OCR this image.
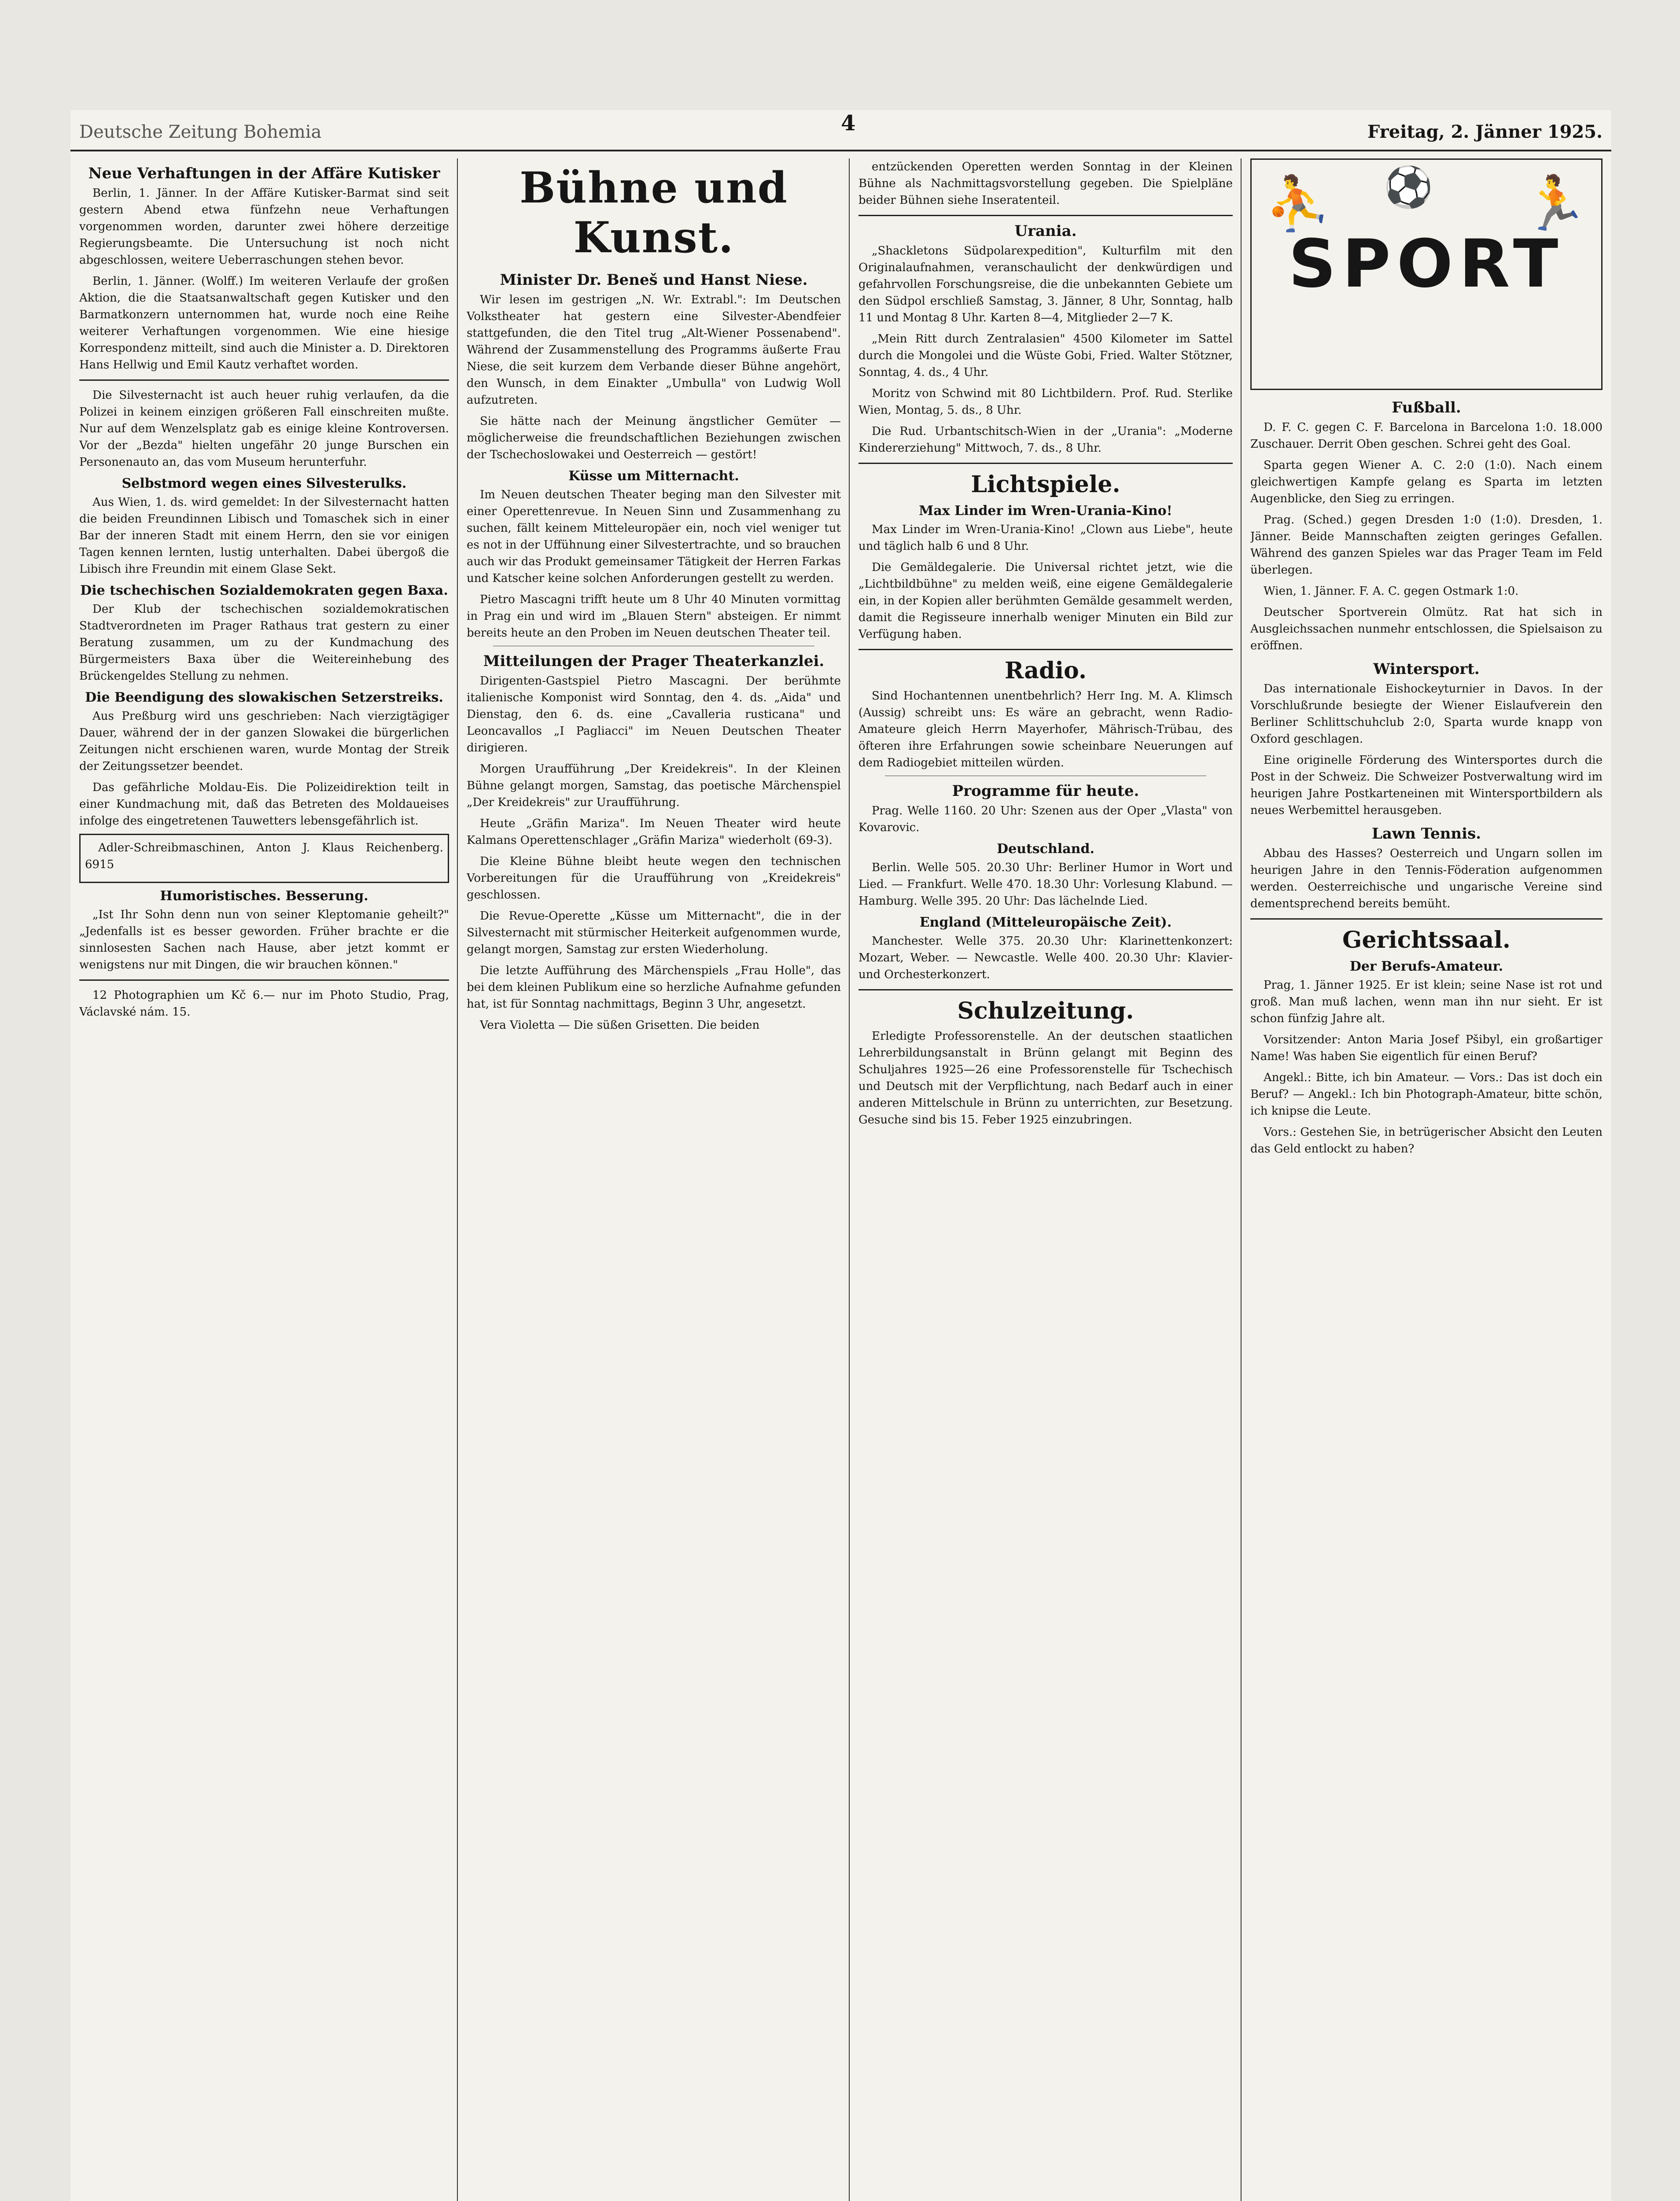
Deutsche Zeitung Bohemia	4	Freitag, 2. Jänner 1925.
Neue Verhaftungen in der Affäre Kutisker

Berlin, 1. Jänner. In der Affäre Kutisker-Barmat sind seit gestern Abend etwa fünfzehn neue Verhaftungen vorgenommen worden, darunter zwei höhere derzeitige Regierungsbeamte. Die Untersuchung ist noch nicht abgeschlossen, weitere Ueberraschungen stehen bevor.

Berlin, 1. Jänner. (Wolff.) Im weiteren Verlaufe der großen Aktion, die die Staatsanwaltschaft gegen Kutisker und den Barmatkonzern unternommen hat, wurde noch eine Reihe weiterer Verhaftungen vorgenommen. Wie eine hiesige Korrespondenz mitteilt, sind auch die Minister a. D. Direktoren Hans Hellwig und Emil Kautz verhaftet worden.

Die Silvesternacht ist auch heuer ruhig verlaufen, da die Polizei in keinem einzigen größeren Fall einschreiten mußte. Nur auf dem Wenzelsplatz gab es einige kleine Kontroversen. Vor der „Bezda" hielten ungefähr 20 junge Burschen ein Personenauto an, das vom Museum herunterfuhr.

Selbstmord wegen eines Silvesterulks.

Aus Wien, 1. ds. wird gemeldet: In der Silvesternacht hatten die beiden Freundinnen Libisch und Tomaschek sich in einer Bar der inneren Stadt mit einem Herrn, den sie vor einigen Tagen kennen lernten, lustig unterhalten. Dabei übergoß die Libisch ihre Freundin mit einem Glase Sekt.

Die tschechischen Sozialdemokraten gegen Baxa.

Der Klub der tschechischen sozialdemokratischen Stadtverordneten im Prager Rathaus trat gestern zu einer Beratung zusammen, um zu der Kundmachung des Bürgermeisters Baxa über die Weitereinhebung des Brückengeldes Stellung zu nehmen.

Die Beendigung des slowakischen Setzerstreiks.

Aus Preßburg wird uns geschrieben: Nach vierzigtägiger Dauer, während der in der ganzen Slowakei die bürgerlichen Zeitungen nicht erschienen waren, wurde Montag der Streik der Zeitungssetzer beendet.

Das gefährliche Moldau-Eis. Die Polizeidirektion teilt in einer Kundmachung mit, daß das Betreten des Moldaueises infolge des eingetretenen Tauwetters lebensgefährlich ist.

Adler-Schreibmaschinen, Anton J. Klaus Reichenberg. 6915

Humoristisches. Besserung.

„Ist Ihr Sohn denn nun von seiner Kleptomanie geheilt?" „Jedenfalls ist es besser geworden. Früher brachte er die sinnlosesten Sachen nach Hause, aber jetzt kommt er wenigstens nur mit Dingen, die wir brauchen können."

12 Photographien um Kč 6.— nur im Photo Studio, Prag, Václavské nám. 15.

Bühne und Kunst.
Minister Dr. Beneš und Hanst Niese.

Wir lesen im gestrigen „N. Wr. Extrabl.": Im Deutschen Volkstheater hat gestern eine Silvester-Abendfeier stattgefunden, die den Titel trug „Alt-Wiener Possenabend". Während der Zusammenstellung des Programms äußerte Frau Niese, die seit kurzem dem Verbande dieser Bühne angehört, den Wunsch, in dem Einakter „Umbulla" von Ludwig Woll aufzutreten.

Sie hätte nach der Meinung ängstlicher Gemüter — möglicherweise die freundschaftlichen Beziehungen zwischen der Tschechoslowakei und Oesterreich — gestört!

Küsse um Mitternacht.

Im Neuen deutschen Theater beging man den Silvester mit einer Operettenrevue. In Neuen Sinn und Zusammenhang zu suchen, fällt keinem Mitteleuropäer ein, noch viel weniger tut es not in der Uffühnung einer Silvestertrachte, und so brauchen auch wir das Produkt gemeinsamer Tätigkeit der Herren Farkas und Katscher keine solchen Anforderungen gestellt zu werden.

Pietro Mascagni trifft heute um 8 Uhr 40 Minuten vormittag in Prag ein und wird im „Blauen Stern" absteigen. Er nimmt bereits heute an den Proben im Neuen deutschen Theater teil.

Mitteilungen der Prager Theaterkanzlei.

Dirigenten-Gastspiel Pietro Mascagni. Der berühmte italienische Komponist wird Sonntag, den 4. ds. „Aida" und Dienstag, den 6. ds. eine „Cavalleria rusticana" und Leoncavallos „I Pagliacci" im Neuen Deutschen Theater dirigieren.

Morgen Uraufführung „Der Kreidekreis". In der Kleinen Bühne gelangt morgen, Samstag, das poetische Märchenspiel „Der Kreidekreis" zur Uraufführung.

Heute „Gräfin Mariza". Im Neuen Theater wird heute Kalmans Operettenschlager „Gräfin Mariza" wiederholt (69-3).

Die Kleine Bühne bleibt heute wegen den technischen Vorbereitungen für die Uraufführung von „Kreidekreis" geschlossen.

Die Revue-Operette „Küsse um Mitternacht", die in der Silvesternacht mit stürmischer Heiterkeit aufgenommen wurde, gelangt morgen, Samstag zur ersten Wiederholung.

Die letzte Aufführung des Märchenspiels „Frau Holle", das bei dem kleinen Publikum eine so herzliche Aufnahme gefunden hat, ist für Sonntag nachmittags, Beginn 3 Uhr, angesetzt.

Vera Violetta — Die süßen Grisetten. Die beiden

entzückenden Operetten werden Sonntag in der Kleinen Bühne als Nachmittagsvorstellung gegeben. Die Spielpläne beider Bühnen siehe Inseratenteil.

Urania.

„Shackletons Südpolarexpedition", Kulturfilm mit den Originalaufnahmen, veranschaulicht der denkwürdigen und gefahrvollen Forschungsreise, die die unbekannten Gebiete um den Südpol erschließ Samstag, 3. Jänner, 8 Uhr, Sonntag, halb 11 und Montag 8 Uhr. Karten 8—4, Mitglieder 2—7 K.

„Mein Ritt durch Zentralasien" 4500 Kilometer im Sattel durch die Mongolei und die Wüste Gobi, Fried. Walter Stötzner, Sonntag, 4. ds., 4 Uhr.

Moritz von Schwind mit 80 Lichtbildern. Prof. Rud. Sterlike Wien, Montag, 5. ds., 8 Uhr.

Die Rud. Urbantschitsch-Wien in der „Urania": „Moderne Kindererziehung" Mittwoch, 7. ds., 8 Uhr.

Lichtspiele.
Max Linder im Wren-Urania-Kino!

Max Linder im Wren-Urania-Kino! „Clown aus Liebe", heute und täglich halb 6 und 8 Uhr.

Die Gemäldegalerie. Die Universal richtet jetzt, wie die „Lichtbildbühne" zu melden weiß, eine eigene Gemäldegalerie ein, in der Kopien aller berühmten Gemälde gesammelt werden, damit die Regisseure innerhalb weniger Minuten ein Bild zur Verfügung haben.

Radio.

Sind Hochantennen unentbehrlich? Herr Ing. M. A. Klimsch (Aussig) schreibt uns: Es wäre an gebracht, wenn Radio-Amateure gleich Herrn Mayerhofer, Mährisch-Trübau, des öfteren ihre Erfahrungen sowie scheinbare Neuerungen auf dem Radiogebiet mitteilen würden.

Programme für heute.

Prag. Welle 1160. 20 Uhr: Szenen aus der Oper „Vlasta" von Kovarovic.

Deutschland.

Berlin. Welle 505. 20.30 Uhr: Berliner Humor in Wort und Lied. — Frankfurt. Welle 470. 18.30 Uhr: Vorlesung Klabund. — Hamburg. Welle 395. 20 Uhr: Das lächelnde Lied.

England (Mitteleuropäische Zeit).

Manchester. Welle 375. 20.30 Uhr: Klarinettenkonzert: Mozart, Weber. — Newcastle. Welle 400. 20.30 Uhr: Klavier- und Orchesterkonzert.

Schulzeitung.

Erledigte Professorenstelle. An der deutschen staatlichen Lehrerbildungsanstalt in Brünn gelangt mit Beginn des Schuljahres 1925—26 eine Professorenstelle für Tschechisch und Deutsch mit der Verpflichtung, nach Bedarf auch in einer anderen Mittelschule in Brünn zu unterrichten, zur Besetzung. Gesuche sind bis 15. Feber 1925 einzubringen.

⛹	🏃
⚽
SPORT
Fußball.

D. F. C. gegen C. F. Barcelona in Barcelona 1:0. 18.000 Zuschauer. Derrit Oben geschen. Schrei geht des Goal.

Sparta gegen Wiener A. C. 2:0 (1:0). Nach einem gleichwertigen Kampfe gelang es Sparta im letzten Augenblicke, den Sieg zu erringen.

Prag. (Sched.) gegen Dresden 1:0 (1:0). Dresden, 1. Jänner. Beide Mannschaften zeigten geringes Gefallen. Während des ganzen Spieles war das Prager Team im Feld überlegen.

Wien, 1. Jänner. F. A. C. gegen Ostmark 1:0.

Deutscher Sportverein Olmütz. Rat hat sich in Ausgleichssachen nunmehr entschlossen, die Spielsaison zu eröffnen.

Wintersport.

Das internationale Eishockeyturnier in Davos. In der Vorschlußrunde besiegte der Wiener Eislaufverein den Berliner Schlittschuhclub 2:0, Sparta wurde knapp von Oxford geschlagen.

Eine originelle Förderung des Wintersportes durch die Post in der Schweiz. Die Schweizer Postverwaltung wird im heurigen Jahre Postkarteneinen mit Wintersportbildern als neues Werbemittel herausgeben.

Lawn Tennis.

Abbau des Hasses? Oesterreich und Ungarn sollen im heurigen Jahre in den Tennis-Föderation aufgenommen werden. Oesterreichische und ungarische Vereine sind dementsprechend bereits bemüht.

Gerichtssaal.
Der Berufs-Amateur.

Prag, 1. Jänner 1925. Er ist klein; seine Nase ist rot und groß. Man muß lachen, wenn man ihn nur sieht. Er ist schon fünfzig Jahre alt.

Vorsitzender: Anton Maria Josef Pšibyl, ein großartiger Name! Was haben Sie eigentlich für einen Beruf?

Angekl.: Bitte, ich bin Amateur. — Vors.: Das ist doch ein Beruf? — Angekl.: Ich bin Photograph-Amateur, bitte schön, ich knipse die Leute.

Vors.: Gestehen Sie, in betrügerischer Absicht den Leuten das Geld entlockt zu haben?
